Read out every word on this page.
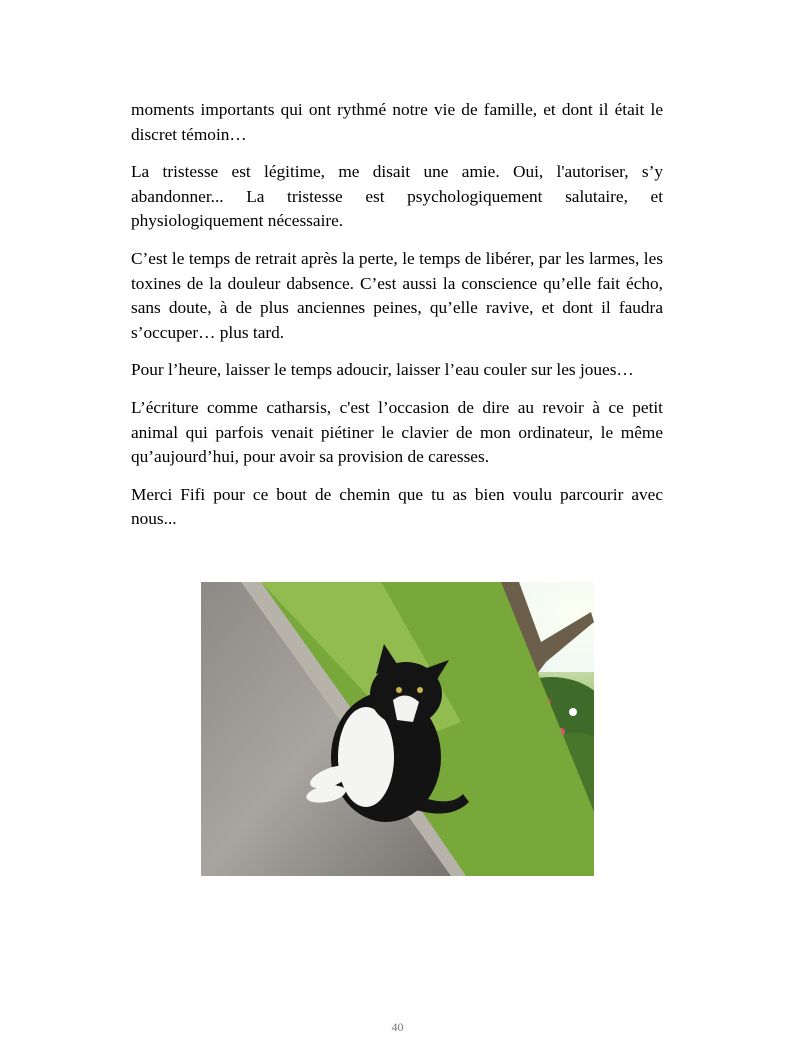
moments importants qui ont rythmé notre vie de famille, et dont il était le discret témoin…

La tristesse est légitime, me disait une amie. Oui, l'autoriser, s’y abandonner... La tristesse est psychologiquement salutaire, et physiologiquement nécessaire.

C’est le temps de retrait après la perte, le temps de libérer, par les larmes, les toxines de la douleur dabsence. C’est aussi la conscience qu’elle fait écho, sans doute, à de plus anciennes peines, qu’elle ravive, et dont il faudra s’occuper… plus tard.

Pour l’heure, laisser le temps adoucir, laisser l’eau couler sur les joues…

L’écriture comme catharsis, c'est l’occasion de dire au revoir à ce petit animal qui parfois venait piétiner le clavier de mon ordinateur, le même qu’aujourd’hui, pour avoir sa provision de caresses.

Merci Fifi pour ce bout de chemin que tu as bien voulu parcourir avec nous...

40
